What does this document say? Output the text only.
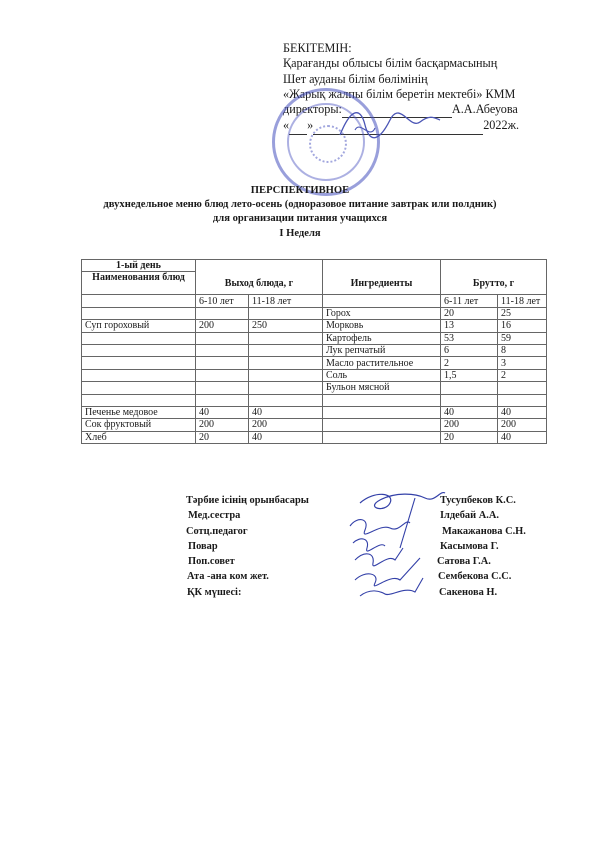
БЕКІТЕМІН:
Қарағанды облысы білім басқармасының
Шет ауданы білім бөлімінің
«Жарық жалпы білім беретін мектебі» КММ
директоры:	А.А.Абеуова
« »	2022ж.
ПЕРСПЕКТИВНОЕ
двухнедельное меню блюд лето-осень (одноразовое питание завтрак или полдник)
для организации питания учащихся
I Неделя
1-ый день					
Наименования блюд	Выход блюда, г		Ингредиенты	Брутто, г	
	6-10 лет	11-18 лет		6-11 лет	11-18 лет
			Горох	20	25
Суп гороховый	200	250	Морковь	13	16
			Картофель	53	59
			Лук репчатый	6	8
			Масло растительное	2	3
			Соль	1,5	2
			Бульон мясной		

Печенье медовое	40	40		40	40
Сок фруктовый	200	200		200	200
Хлеб	20	40		20	40
Тәрбие ісінің орынбасары	Тусупбеков К.С.
Мед.сестра	Ілдебай А.А.
Сотц.педагог	Макажанова С.Н.
Повар	Касымова Г.
Поп.совет	Сатова Г.А.
Ата -ана ком жет.	Сембекова С.С.
ҚК мүшесі:	Сакенова Н.
